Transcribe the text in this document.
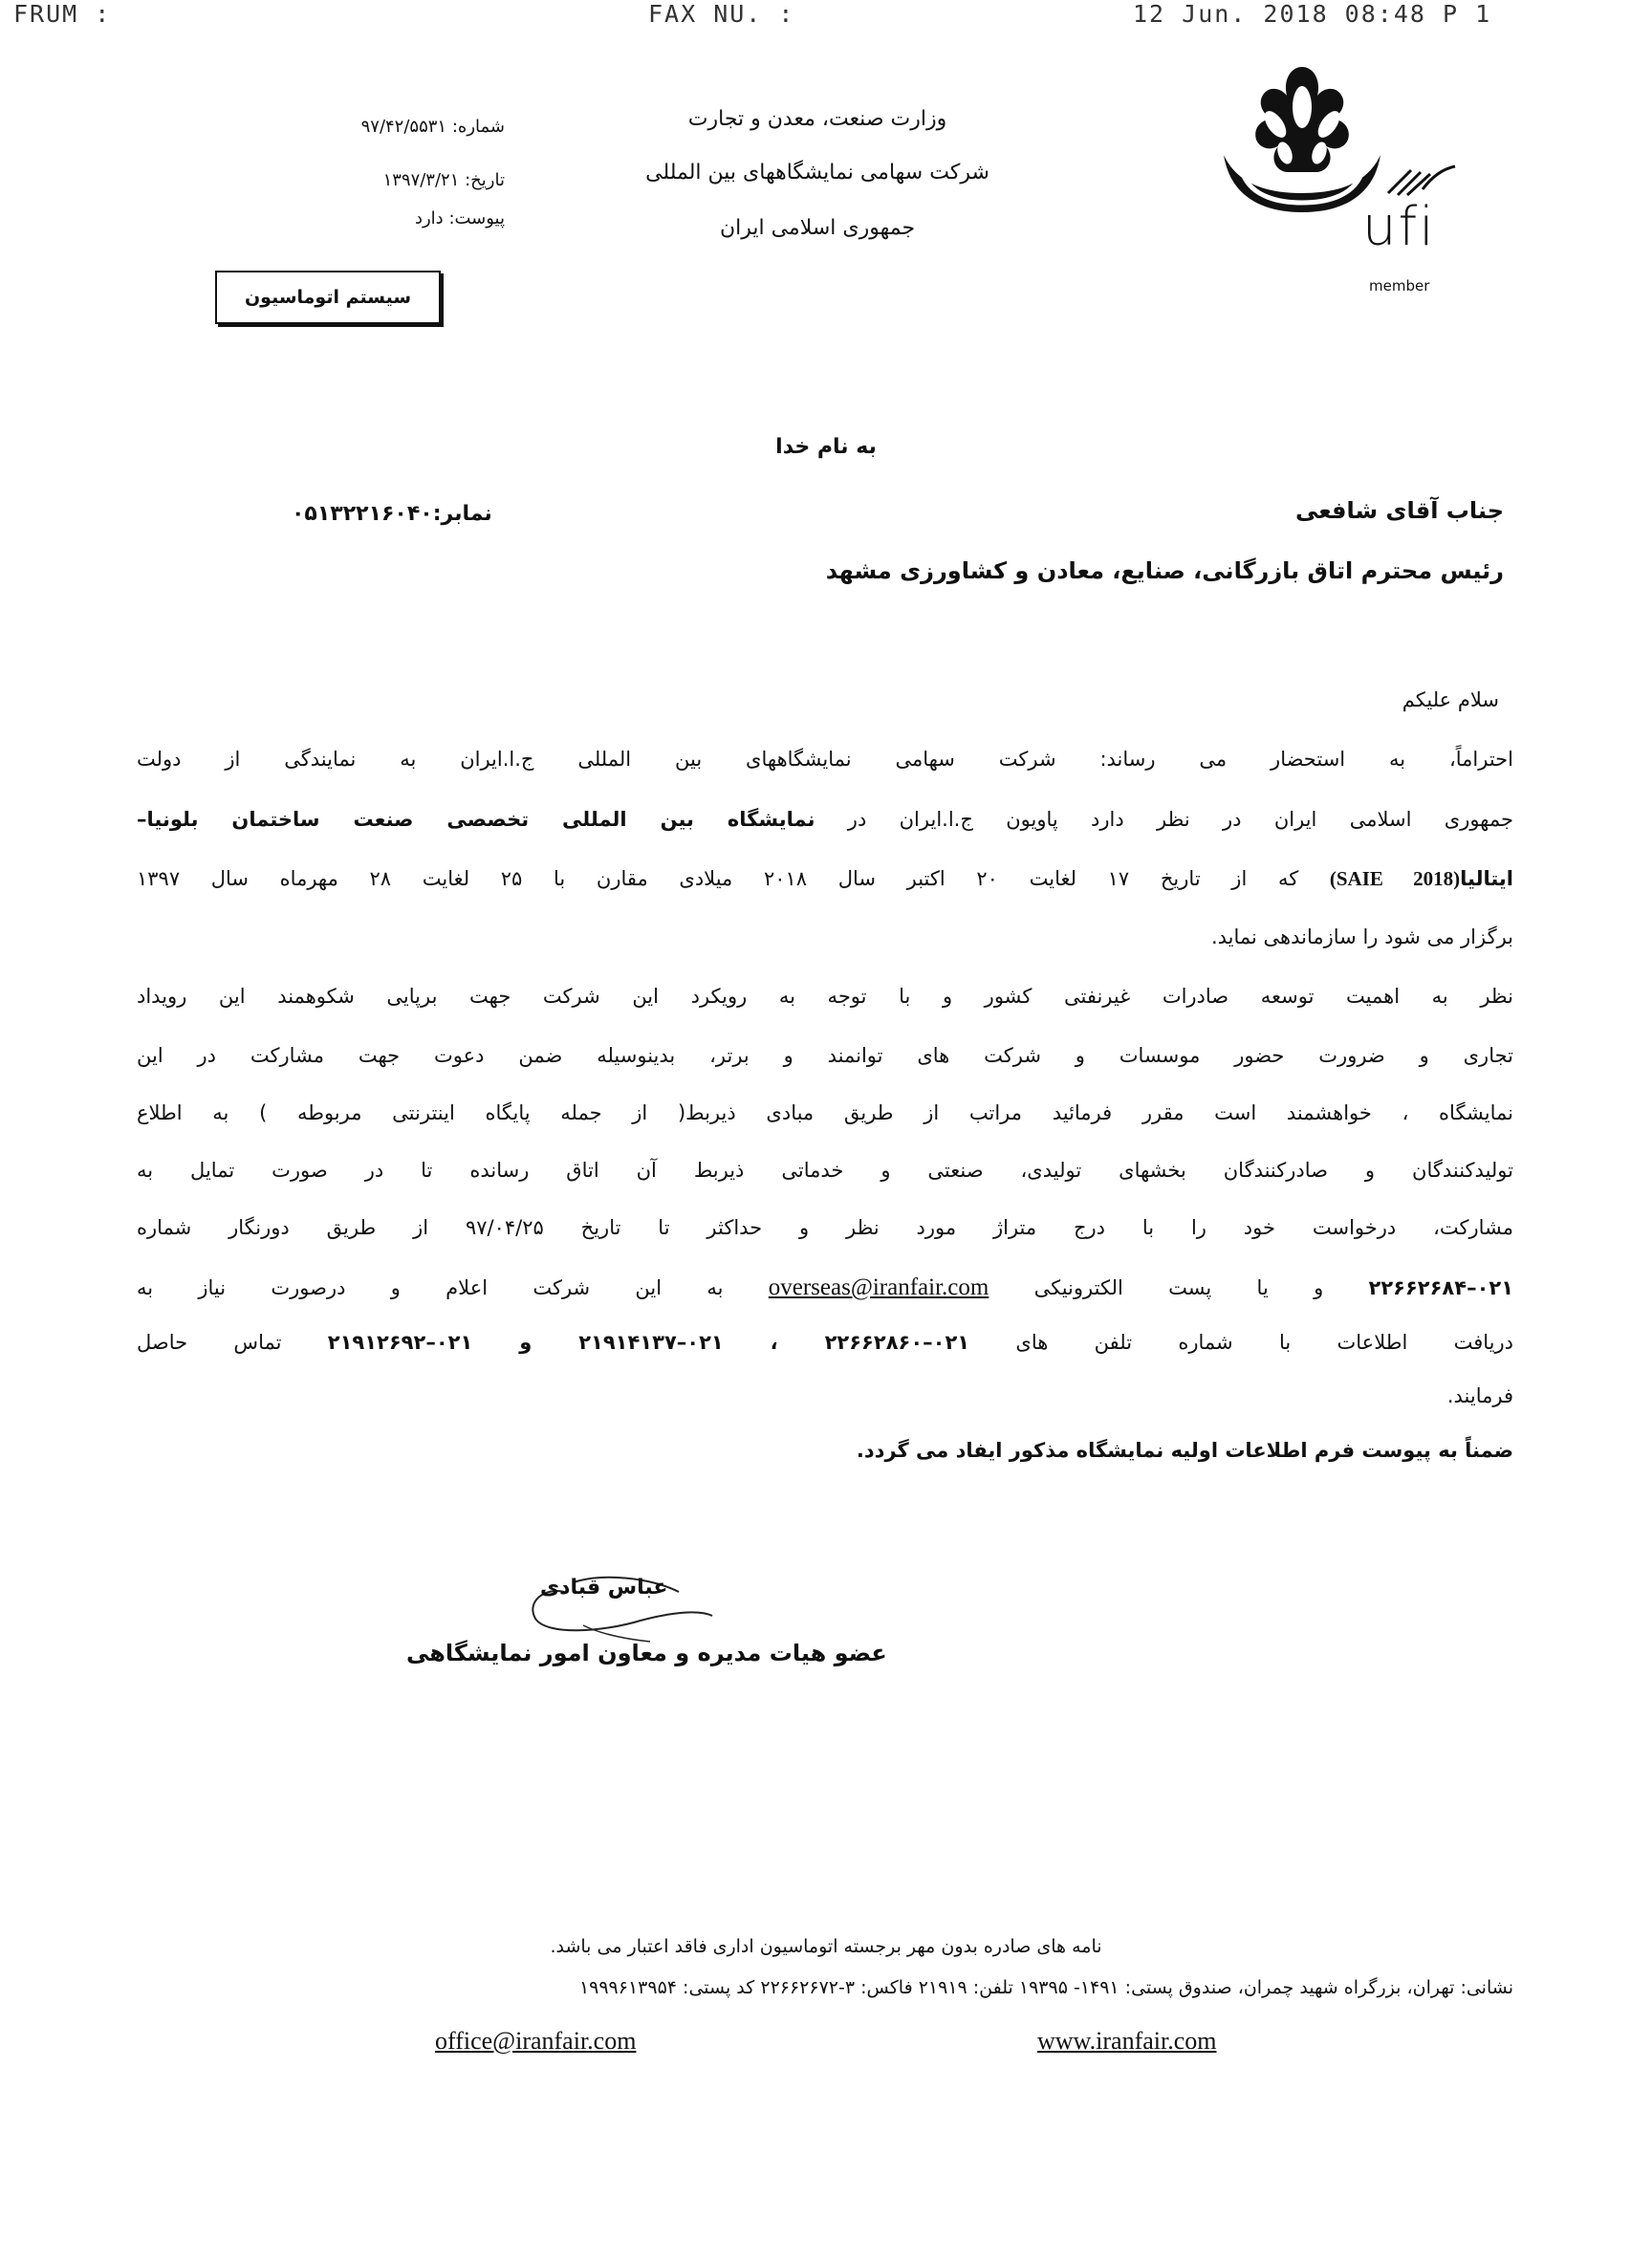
FRUM :	FAX NU. :	12 Jun. 2018 08:48 P 1
وزارت صنعت، معدن و تجارت
شرکت سهامی نمایشگاههای بین المللی
جمهوری اسلامی ایران
شماره: ۹۷/۴۲/۵۵۳۱
تاریخ: ۱۳۹۷/۳/۲۱
پیوست: دارد
سیستم اتوماسیون
ufi
member
به نام خدا
جناب آقای شافعی
نمابر:۰۵۱۳۲۲۱۶۰۴۰
رئیس محترم اتاق بازرگانی، صنایع، معادن و کشاورزی مشهد
سلام علیکم
احتراماً، به استحضار می رساند: شرکت سهامی نمایشگاههای بین المللی ج.ا.ایران به نمایندگی از دولت
جمهوری اسلامی ایران در نظر دارد پاویون ج.ا.ایران در نمایشگاه بین المللی تخصصی صنعت ساختمان بلونیا–
ایتالیا(SAIE 2018) که از تاریخ ۱۷ لغایت ۲۰ اکتبر سال ۲۰۱۸ میلادی مقارن با ۲۵ لغایت ۲۸ مهرماه سال ۱۳۹۷
برگزار می شود را سازماندهی نماید.
نظر به اهمیت توسعه صادرات غیرنفتی کشور و با توجه به رویکرد این شرکت جهت برپایی شکوهمند این رویداد
تجاری و ضرورت حضور موسسات و شرکت های توانمند و برتر، بدینوسیله ضمن دعوت جهت مشارکت در این
نمایشگاه ، خواهشمند است مقرر فرمائید مراتب از طریق مبادی ذیربط( از جمله پایگاه اینترنتی مربوطه ) به اطلاع
تولیدکنندگان و صادرکنندگان بخشهای تولیدی، صنعتی و خدماتی ذیربط آن اتاق رسانده تا در صورت تمایل به
مشارکت، درخواست خود را با درج متراژ مورد نظر و حداکثر تا تاریخ ۹۷/۰۴/۲۵ از طریق دورنگار شماره
۰۲۱–۲۲۶۶۲۶۸۴ و یا پست الکترونیکی overseas@iranfair.com به این شرکت اعلام و درصورت نیاز به
دریافت اطلاعات با شماره تلفن های ۰۲۱–۲۲۶۶۲۸۶۰ ، ۰۲۱–۲۱۹۱۴۱۳۷ و ۰۲۱–۲۱۹۱۲۶۹۲ تماس حاصل
فرمایند.
ضمناً به پیوست فرم اطلاعات اولیه نمایشگاه مذکور ایفاد می گردد.
عباس قبادی
عضو هیات مدیره و معاون امور نمایشگاهی
نامه های صادره بدون مهر برجسته اتوماسیون اداری فاقد اعتبار می باشد.
نشانی: تهران، بزرگراه شهید چمران، صندوق پستی: ۱۴۹۱- ۱۹۳۹۵ تلفن: ۲۱۹۱۹ فاکس: ۳-۲۲۶۶۲۶۷۲ کد پستی: ۱۹۹۹۶۱۳۹۵۴
office@iranfair.com	www.iranfair.com
